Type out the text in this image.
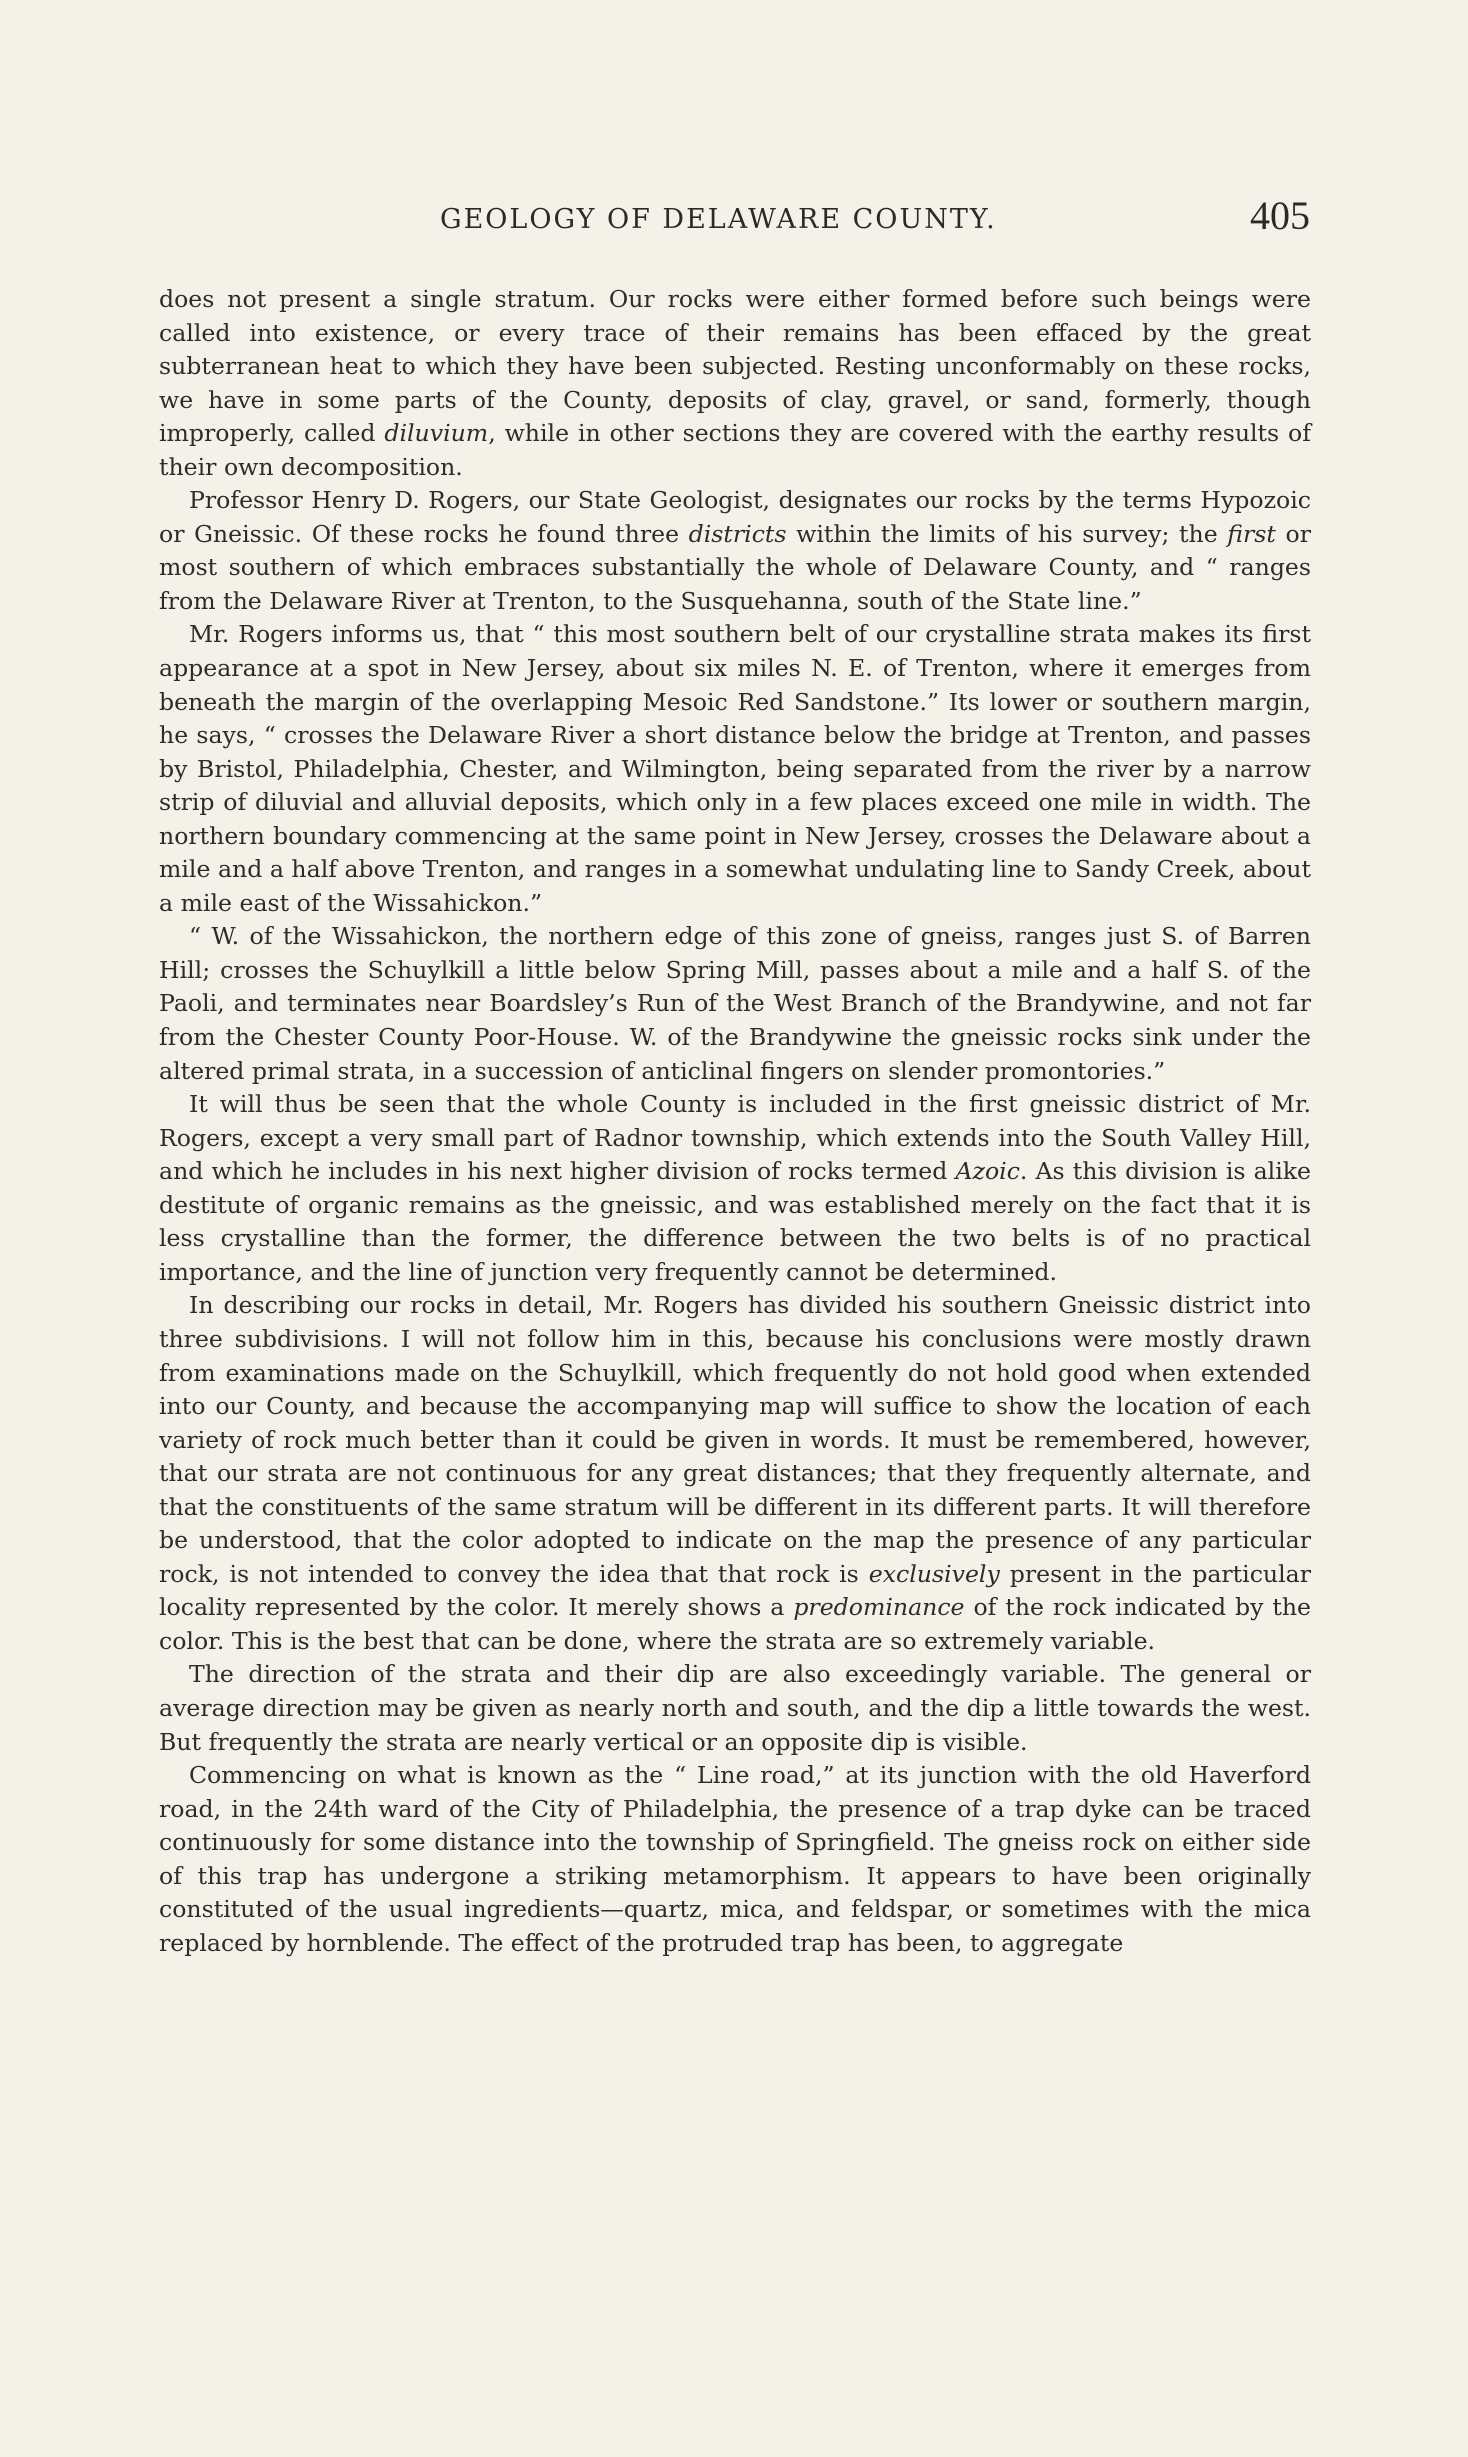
GEOLOGY OF DELAWARE COUNTY.	405

does not present a single stratum. Our rocks were either formed before such beings were called into existence, or every trace of their remains has been effaced by the great subterranean heat to which they have been subjected. Resting unconformably on these rocks, we have in some parts of the County, deposits of clay, gravel, or sand, formerly, though improperly, called diluvium, while in other sections they are covered with the earthy results of their own decomposition.

Professor Henry D. Rogers, our State Geologist, designates our rocks by the terms Hypozoic or Gneissic. Of these rocks he found three districts within the limits of his survey; the first or most southern of which embraces substantially the whole of Delaware County, and “ ranges from the Delaware River at Trenton, to the Susquehanna, south of the State line.”

Mr. Rogers informs us, that “ this most southern belt of our crystalline strata makes its first appearance at a spot in New Jersey, about six miles N. E. of Trenton, where it emerges from beneath the margin of the overlapping Mesoic Red Sandstone.” Its lower or southern margin, he says, “ crosses the Delaware River a short distance below the bridge at Trenton, and passes by Bristol, Philadelphia, Chester, and Wilmington, being separated from the river by a narrow strip of diluvial and alluvial deposits, which only in a few places exceed one mile in width. The northern boundary commencing at the same point in New Jersey, crosses the Delaware about a mile and a half above Trenton, and ranges in a somewhat undulating line to Sandy Creek, about a mile east of the Wissahickon.”

“ W. of the Wissahickon, the northern edge of this zone of gneiss, ranges just S. of Barren Hill; crosses the Schuylkill a little below Spring Mill, passes about a mile and a half S. of the Paoli, and terminates near Boardsley’s Run of the West Branch of the Brandywine, and not far from the Chester County Poor-House. W. of the Brandywine the gneissic rocks sink under the altered primal strata, in a succession of anticlinal fingers on slender promontories.”

It will thus be seen that the whole County is included in the first gneissic district of Mr. Rogers, except a very small part of Radnor township, which extends into the South Valley Hill, and which he includes in his next higher division of rocks termed Azoic. As this division is alike destitute of organic remains as the gneissic, and was established merely on the fact that it is less crystalline than the former, the difference between the two belts is of no practical importance, and the line of junction very frequently cannot be determined.

In describing our rocks in detail, Mr. Rogers has divided his southern Gneissic district into three subdivisions. I will not follow him in this, because his conclusions were mostly drawn from examinations made on the Schuylkill, which frequently do not hold good when extended into our County, and because the accompanying map will suffice to show the location of each variety of rock much better than it could be given in words. It must be remembered, however, that our strata are not continuous for any great distances; that they frequently alternate, and that the constituents of the same stratum will be different in its different parts. It will therefore be understood, that the color adopted to indicate on the map the presence of any particular rock, is not intended to convey the idea that that rock is exclusively present in the particular locality represented by the color. It merely shows a predominance of the rock indicated by the color. This is the best that can be done, where the strata are so extremely variable.

The direction of the strata and their dip are also exceedingly variable. The general or average direction may be given as nearly north and south, and the dip a little towards the west. But frequently the strata are nearly vertical or an opposite dip is visible.

Commencing on what is known as the “ Line road,” at its junction with the old Haverford road, in the 24th ward of the City of Philadelphia, the presence of a trap dyke can be traced continuously for some distance into the township of Springfield. The gneiss rock on either side of this trap has undergone a striking metamorphism. It appears to have been originally constituted of the usual ingredients—quartz, mica, and feldspar, or sometimes with the mica replaced by hornblende. The effect of the protruded trap has been, to aggregate
